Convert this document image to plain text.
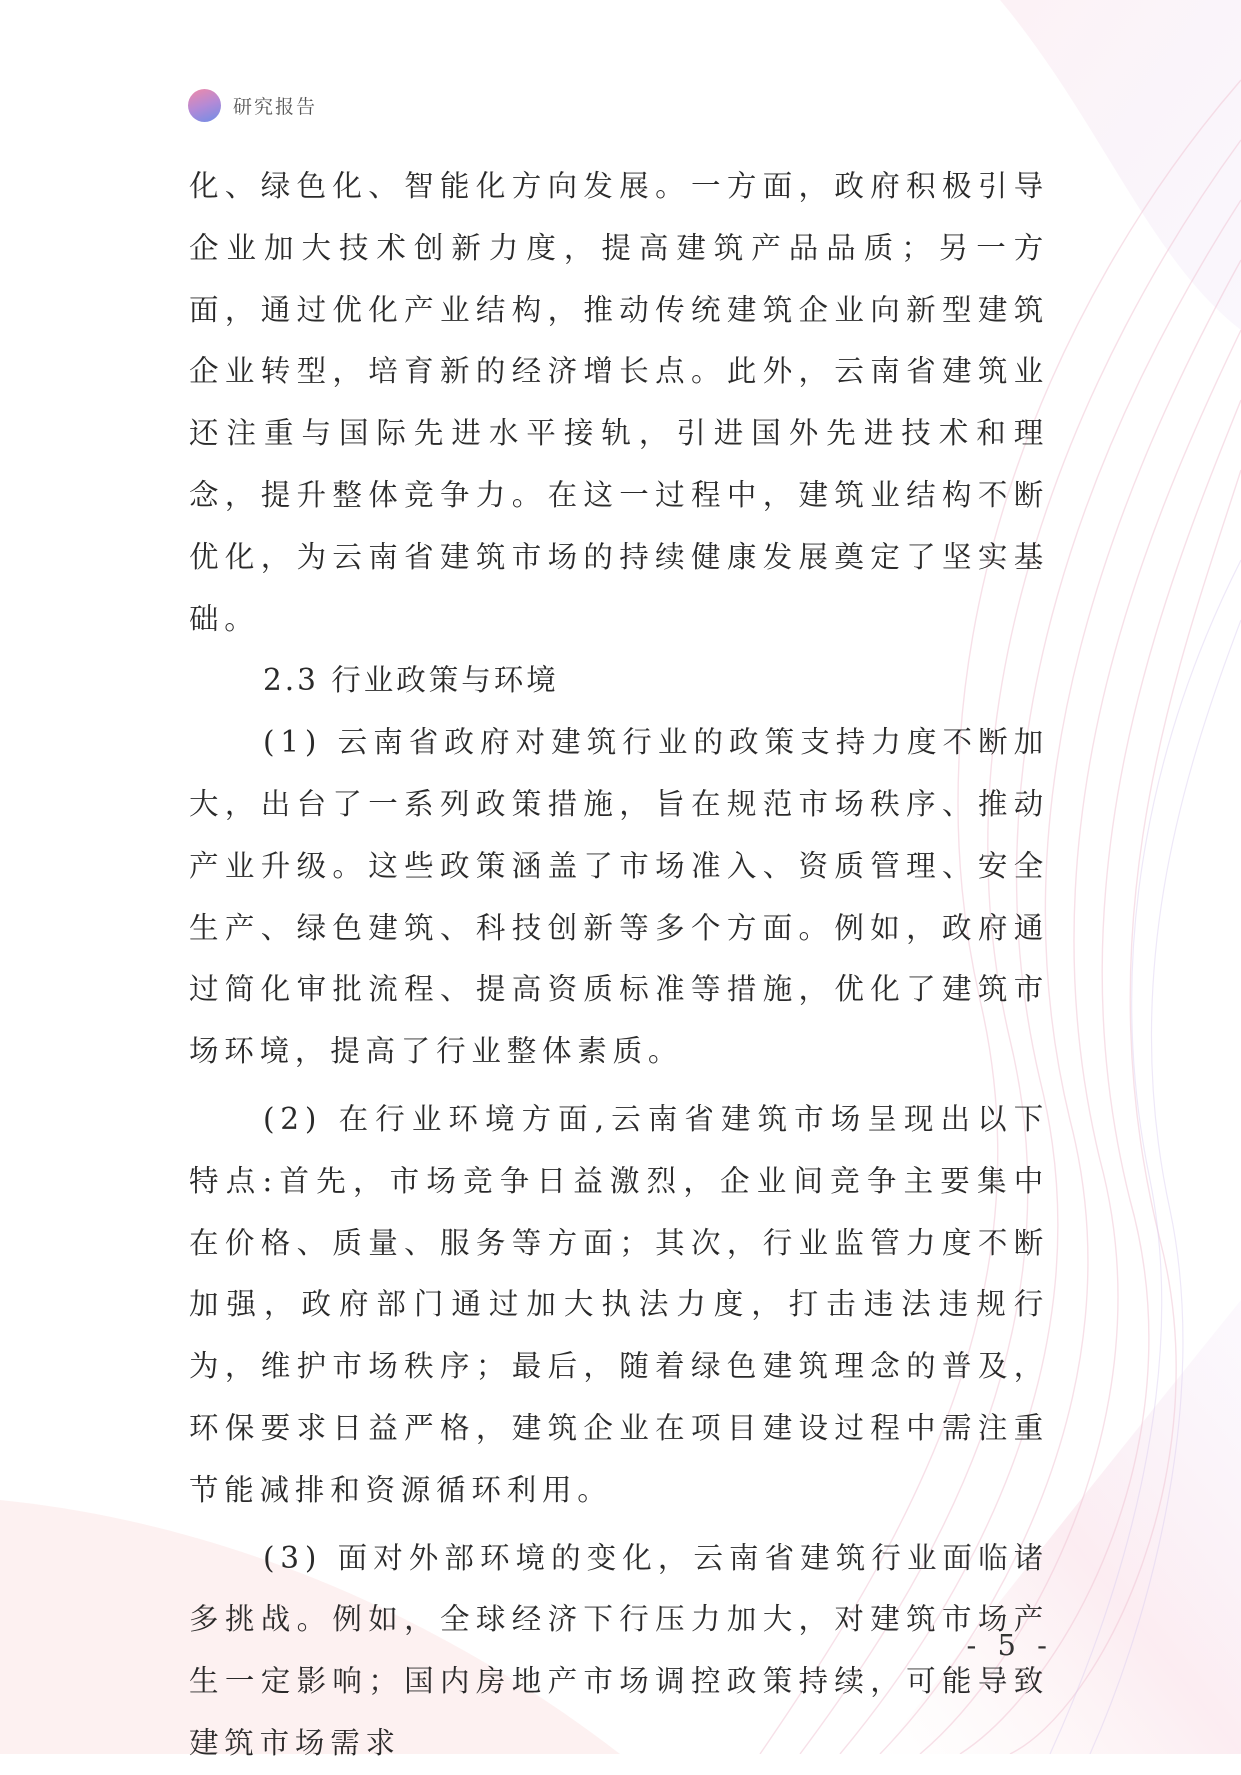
研究报告

化、绿色化、智能化方向发展。一方面，政府积极引导企业加大技术创新力度，提高建筑产品品质；另一方面，通过优化产业结构，推动传统建筑企业向新型建筑企业转型，培育新的经济增长点。此外，云南省建筑业还注重与国际先进水平接轨，引进国外先进技术和理念，提升整体竞争力。在这一过程中，建筑业结构不断优化，为云南省建筑市场的持续健康发展奠定了坚实基础。

2.3 行业政策与环境

(1) 云南省政府对建筑行业的政策支持力度不断加大，出台了一系列政策措施，旨在规范市场秩序、推动产业升级。这些政策涵盖了市场准入、资质管理、安全生产、绿色建筑、科技创新等多个方面。例如，政府通过简化审批流程、提高资质标准等措施，优化了建筑市场环境，提高了行业整体素质。

(2) 在行业环境方面,云南省建筑市场呈现出以下特点:首先，市场竞争日益激烈，企业间竞争主要集中在价格、质量、服务等方面；其次，行业监管力度不断加强，政府部门通过加大执法力度，打击违法违规行为，维护市场秩序；最后，随着绿色建筑理念的普及，环保要求日益严格，建筑企业在项目建设过程中需注重节能减排和资源循环利用。

(3) 面对外部环境的变化，云南省建筑行业面临诸多挑战。例如，全球经济下行压力加大，对建筑市场产生一定影响；国内房地产市场调控政策持续，可能导致建筑市场需求

- 5 -
